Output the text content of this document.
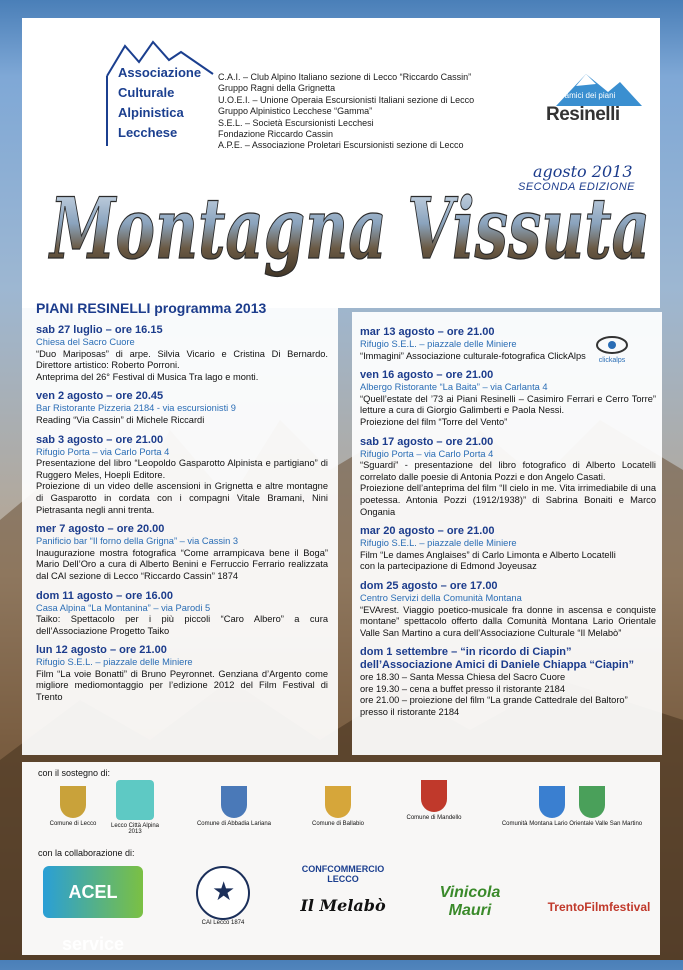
Associazione
Culturale
Alpinistica
Lecchese
C.A.I. – Club Alpino Italiano sezione di Lecco “Riccardo Cassin”
Gruppo Ragni della Grignetta
U.O.E.I. – Unione Operaia Escursionisti Italiani sezione di Lecco
Gruppo Alpinistico Lecchese “Gamma”
S.E.L. – Società Escursionisti Lecchesi
Fondazione Riccardo Cassin
A.P.E. – Associazione Proletari Escursionisti sezione di Lecco
amici dei piani
Resinelli
agosto 2013
SECONDA EDIZIONE
Montagna Vissuta
PIANI RESINELLI programma 2013
sab 27 luglio – ore 16.15
Chiesa del Sacro Cuore
“Duo Mariposas” di arpe. Silvia Vicario e Cristina Di Bernardo. Direttore artistico: Roberto Porroni.
Anteprima del 26° Festival di Musica Tra lago e monti.
ven 2 agosto – ore 20.45
Bar Ristorante Pizzeria 2184 - via escursionisti 9
Reading “Via Cassin” di Michele Riccardi
sab 3 agosto – ore 21.00
Rifugio Porta – via Carlo Porta 4
Presentazione del libro “Leopoldo Gasparotto Alpinista e partigiano” di Ruggero Meles, Hoepli Editore.
Proiezione di un video delle ascensioni in Grignetta e altre montagne di Gasparotto in cordata con i compagni Vitale Bramani, Nini Pietrasanta negli anni trenta.
mer 7 agosto – ore 20.00
Panificio bar “Il forno della Grigna” – via Cassin 3
Inaugurazione mostra fotografica “Come arrampicava bene il Boga” Mario Dell’Oro a cura di Alberto Benini e Ferruccio Ferrario realizzata dal CAI sezione di Lecco “Riccardo Cassin” 1874
dom 11 agosto – ore 16.00
Casa Alpina “La Montanina” – via Parodi 5
Taiko: Spettacolo per i più piccoli “Caro Albero” a cura dell’Associazione Progetto Taiko
lun 12 agosto – ore 21.00
Rifugio S.E.L. – piazzale delle Miniere
Film “La voie Bonatti” di Bruno Peyronnet. Genziana d’Argento come migliore mediomontaggio per l’edizione 2012 del Film Festival di Trento
clickalps
mar 13 agosto – ore 21.00
Rifugio S.E.L. – piazzale delle Miniere
“Immagini” Associazione culturale-fotografica ClickAlps
ven 16 agosto – ore 21.00
Albergo Ristorante “La Baita” – via Carlanta 4
“Quell’estate del ’73 ai Piani Resinelli – Casimiro Ferrari e Cerro Torre” letture a cura di Giorgio Galimberti e Paola Nessi.
Proiezione del film “Torre del Vento”
sab 17 agosto – ore 21.00
Rifugio Porta – via Carlo Porta 4
“Sguardi” - presentazione del libro fotografico di Alberto Locatelli correlato dalle poesie di Antonia Pozzi e don Angelo Casati.
Proiezione dell’anteprima del film “Il cielo in me. Vita irrimediabile di una poetessa. Antonia Pozzi (1912/1938)” di Sabrina Bonaiti e Marco Ongania
mar 20 agosto – ore 21.00
Rifugio S.E.L. – piazzale delle Miniere
Film “Le dames Anglaises” di Carlo Limonta e Alberto Locatelli
con la partecipazione di Edmond Joyeusaz
dom 25 agosto – ore 17.00
Centro Servizi della Comunità Montana
“EVArest. Viaggio poetico-musicale fra donne in ascensa e conquiste montane” spettacolo offerto dalla Comunità Montana Lario Orientale Valle San Martino a cura dell’Associazione Culturale “Il Melabò”
dom 1 settembre – “in ricordo di Ciapin” dell’Associazione Amici di Daniele Chiappa “Ciapin”
ore 18.30 – Santa Messa Chiesa del Sacro Cuore
ore 19.30 – cena a buffet presso il ristorante 2184
ore 21.00 – proiezione del film “La grande Cattedrale del Baltoro” presso il ristorante 2184
con il sostegno di:
Comune di Lecco	Lecco Città Alpina 2013
Comune di Abbadia Lariana	Comune di Ballabio
Comune di Mandello
Comunità Montana Lario Orientale Valle San Martino
con la collaborazione di:
ACEL service
★
CAI Lecco 1874
CONFCOMMERCIO LECCO
Il Melabò
Vinicola Mauri	TrentoFilmfestival
